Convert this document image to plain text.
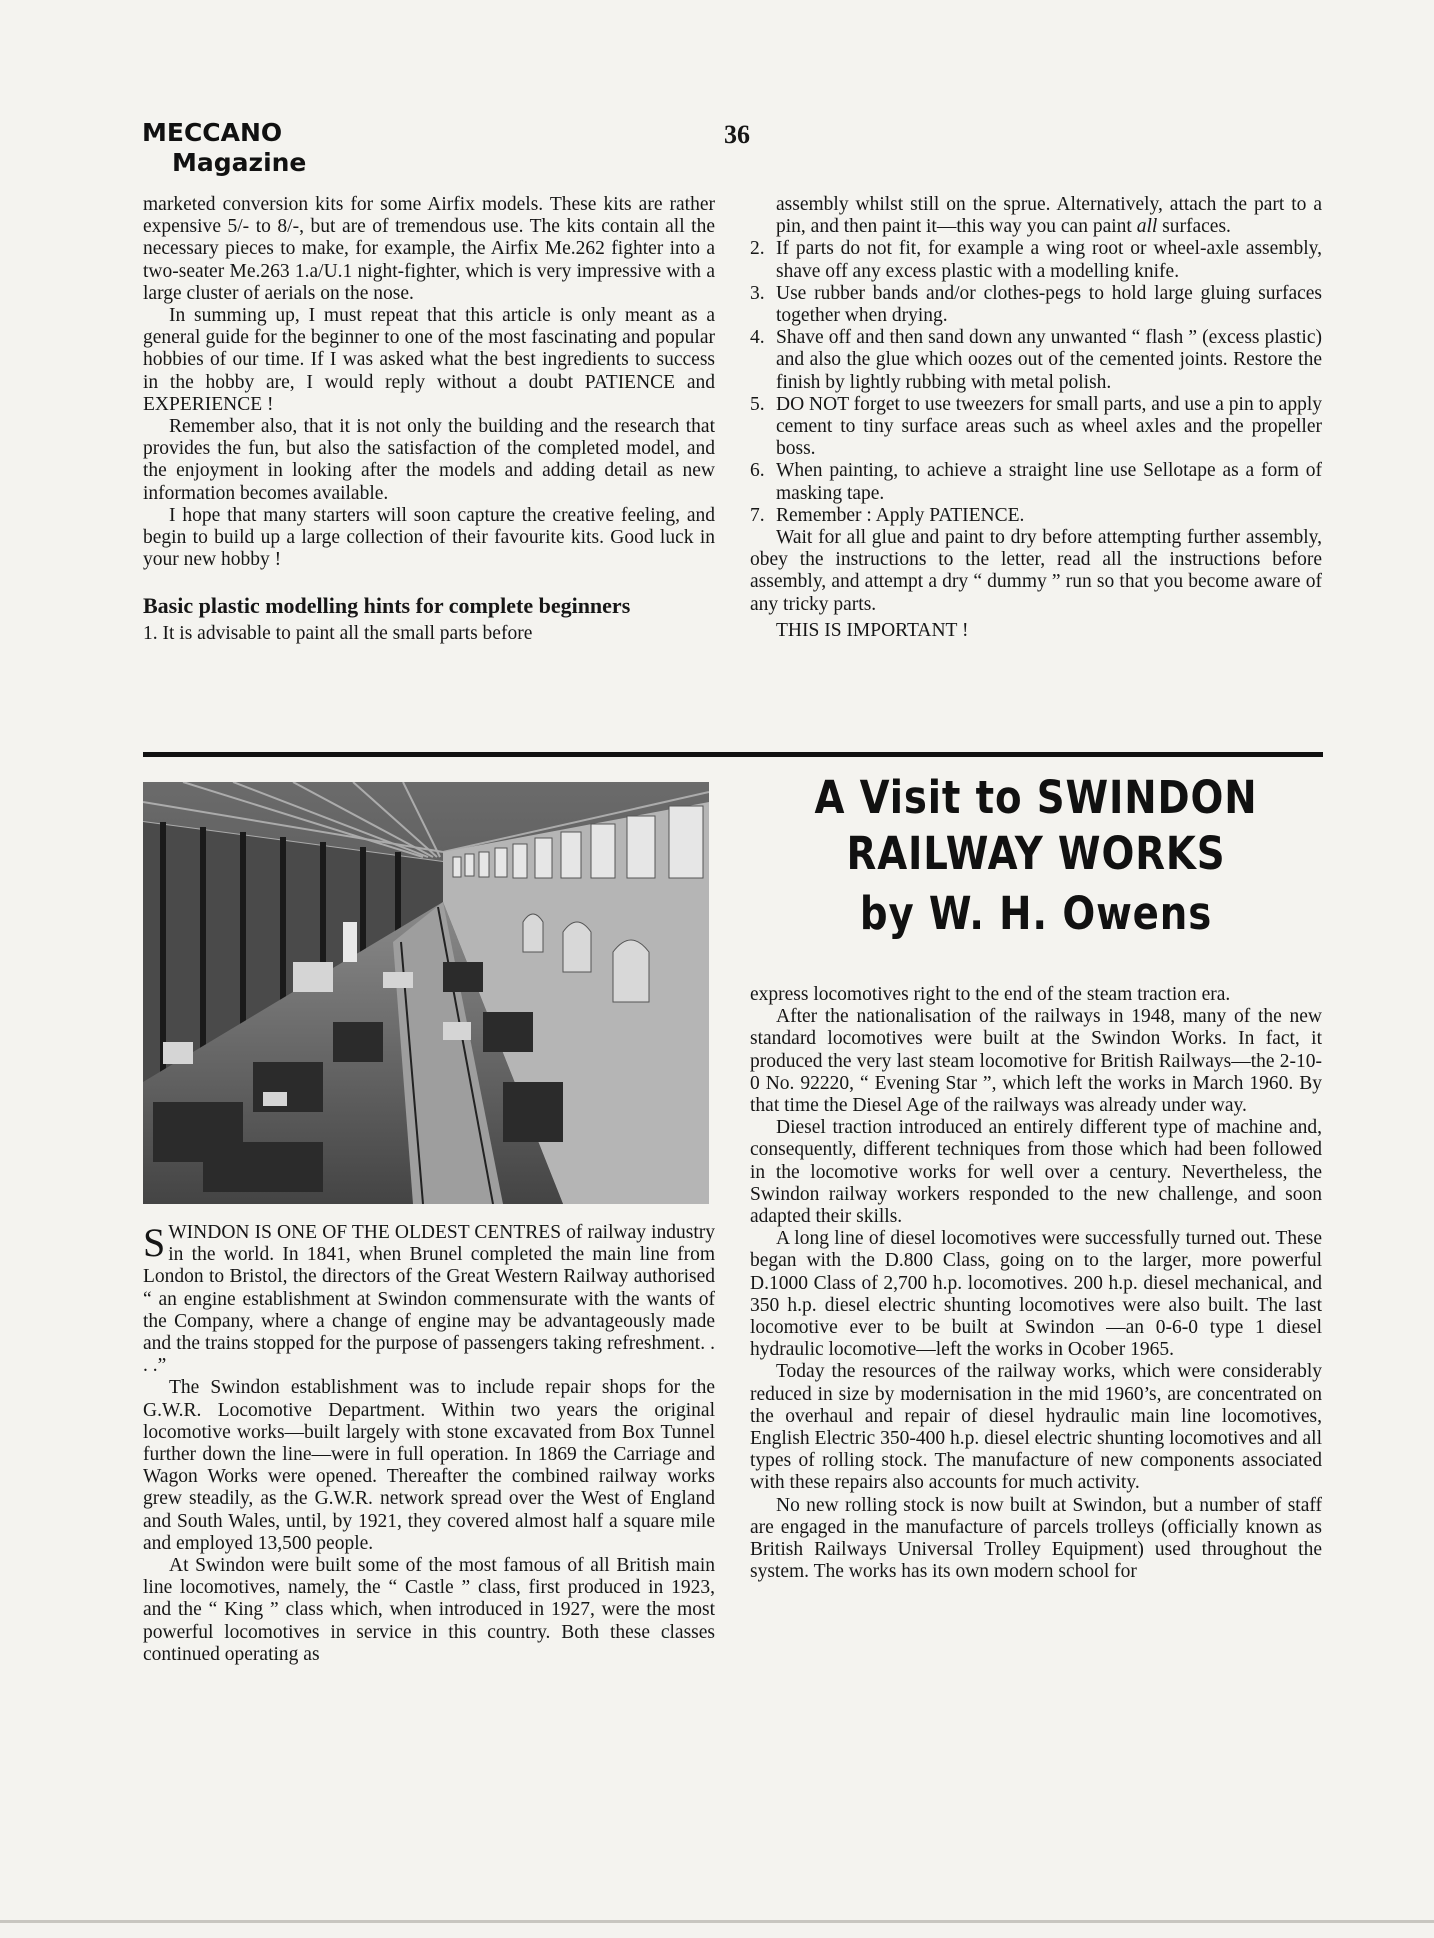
MECCANO
Magazine
36

marketed conversion kits for some Airfix models. These kits are rather expensive 5/- to 8/-, but are of tremendous use. The kits contain all the necessary pieces to make, for example, the Airfix Me.262 fighter into a two-seater Me.263 1.a/U.1 night-fighter, which is very impressive with a large cluster of aerials on the nose.

In summing up, I must repeat that this article is only meant as a general guide for the beginner to one of the most fascinating and popular hobbies of our time. If I was asked what the best ingredients to success in the hobby are, I would reply without a doubt PATIENCE and EXPERIENCE !

Remember also, that it is not only the building and the research that provides the fun, but also the satisfaction of the completed model, and the enjoyment in looking after the models and adding detail as new information becomes available.

I hope that many starters will soon capture the creative feeling, and begin to build up a large collection of their favourite kits. Good luck in your new hobby !

Basic plastic modelling hints for complete beginners

1. It is advisable to paint all the small parts before

assembly whilst still on the sprue. Alternatively, attach the part to a pin, and then paint it—this way you can paint all surfaces.

2. If parts do not fit, for example a wing root or wheel-axle assembly, shave off any excess plastic with a modelling knife.
3. Use rubber bands and/or clothes-pegs to hold large gluing surfaces together when drying.
4. Shave off and then sand down any unwanted “ flash ” (excess plastic) and also the glue which oozes out of the cemented joints. Restore the finish by lightly rubbing with metal polish.
5. DO NOT forget to use tweezers for small parts, and use a pin to apply cement to tiny surface areas such as wheel axles and the propeller boss.
6. When painting, to achieve a straight line use Sellotape as a form of masking tape.
7. Remember : Apply PATIENCE.

Wait for all glue and paint to dry before attempting further assembly, obey the instructions to the letter, read all the instructions before assembly, and attempt a dry “ dummy ” run so that you become aware of any tricky parts.

THIS IS IMPORTANT !

A Visit to SWINDON
RAILWAY WORKS
by W. H. Owens

SWINDON IS ONE OF THE OLDEST CENTRES of railway industry in the world. In 1841, when Brunel completed the main line from London to Bristol, the directors of the Great Western Railway authorised “ an engine establishment at Swindon commensurate with the wants of the Company, where a change of engine may be advantageously made and the trains stopped for the purpose of passengers taking refreshment. . . .”

The Swindon establishment was to include repair shops for the G.W.R. Locomotive Department. Within two years the original locomotive works—built largely with stone excavated from Box Tunnel further down the line—were in full operation. In 1869 the Carriage and Wagon Works were opened. Thereafter the combined railway works grew steadily, as the G.W.R. network spread over the West of England and South Wales, until, by 1921, they covered almost half a square mile and employed 13,500 people.

At Swindon were built some of the most famous of all British main line locomotives, namely, the “ Castle ” class, first produced in 1923, and the “ King ” class which, when introduced in 1927, were the most powerful locomotives in service in this country. Both these classes continued operating as

express locomotives right to the end of the steam traction era.

After the nationalisation of the railways in 1948, many of the new standard locomotives were built at the Swindon Works. In fact, it produced the very last steam locomotive for British Railways—the 2-10-0 No. 92220, “ Evening Star ”, which left the works in March 1960. By that time the Diesel Age of the railways was already under way.

Diesel traction introduced an entirely different type of machine and, consequently, different techniques from those which had been followed in the locomotive works for well over a century. Nevertheless, the Swindon railway workers responded to the new challenge, and soon adapted their skills.

A long line of diesel locomotives were successfully turned out. These began with the D.800 Class, going on to the larger, more powerful D.1000 Class of 2,700 h.p. locomotives. 200 h.p. diesel mechanical, and 350 h.p. diesel electric shunting locomotives were also built. The last locomotive ever to be built at Swindon —an 0-6-0 type 1 diesel hydraulic locomotive—left the works in Ocober 1965.

Today the resources of the railway works, which were considerably reduced in size by modernisation in the mid 1960’s, are concentrated on the overhaul and repair of diesel hydraulic main line locomotives, English Electric 350-400 h.p. diesel electric shunting locomotives and all types of rolling stock. The manufacture of new components associated with these repairs also accounts for much activity.

No new rolling stock is now built at Swindon, but a number of staff are engaged in the manufacture of parcels trolleys (officially known as British Railways Universal Trolley Equipment) used throughout the system. The works has its own modern school for
